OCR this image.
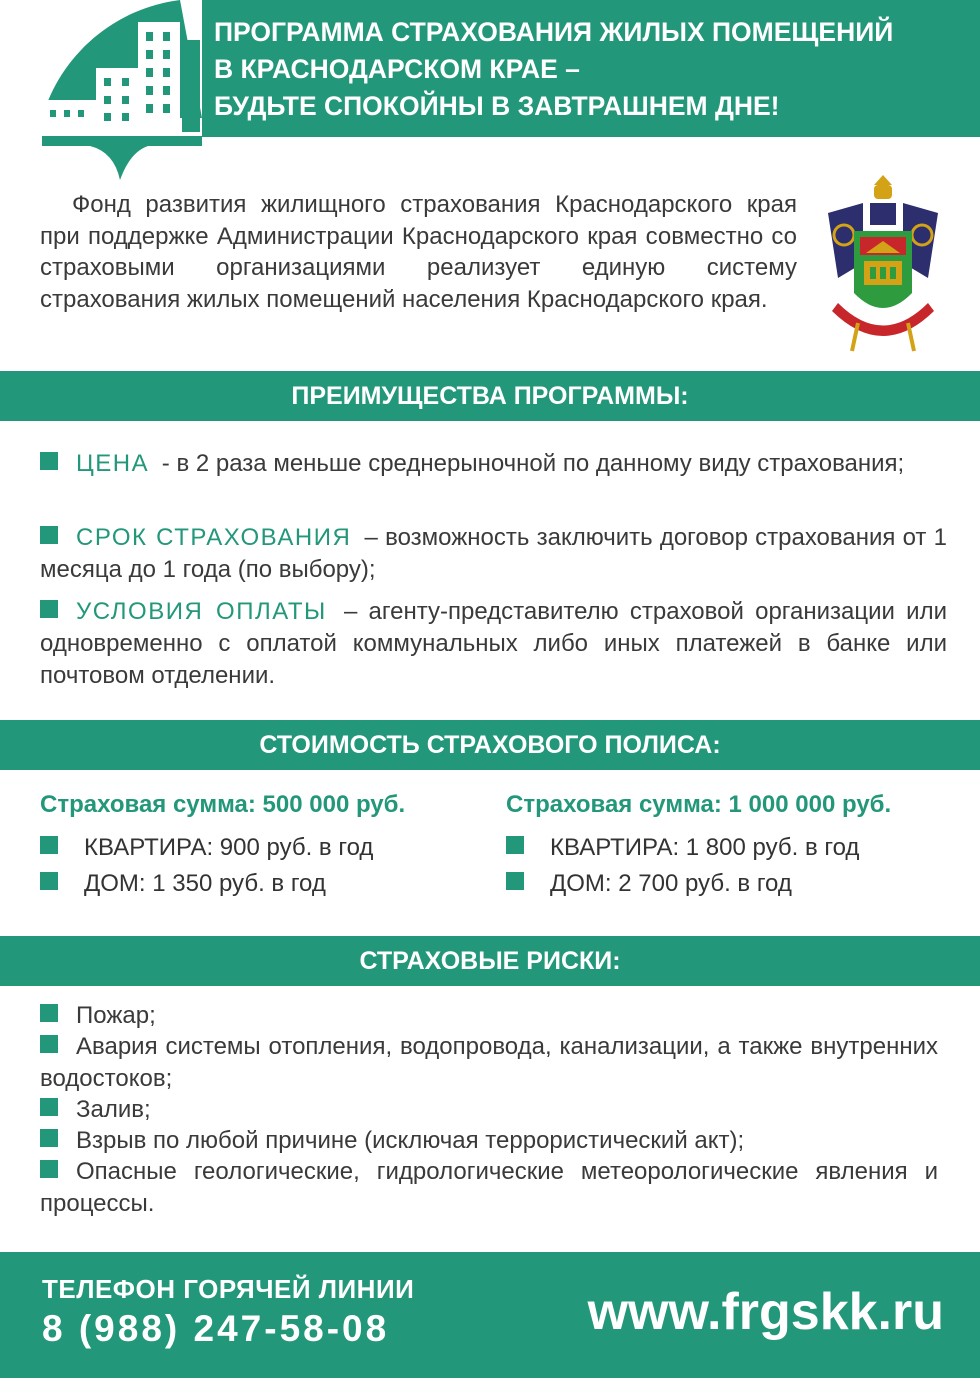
ПРОГРАММА СТРАХОВАНИЯ ЖИЛЫХ ПОМЕЩЕНИЙ
В КРАСНОДАРСКОМ КРАЕ –
БУДЬТЕ СПОКОЙНЫ В ЗАВТРАШНЕМ ДНЕ!
Фонд развития жилищного страхования Краснодарского края при поддержке Администрации Краснодарского края совместно со страховыми организациями реализует единую систему страхования жилых помещений населения Краснодарского края.
ПРЕИМУЩЕСТВА ПРОГРАММЫ:
ЦЕНА - в 2 раза меньше среднерыночной по данному виду страхования;
СРОК СТРАХОВАНИЯ – возможность заключить договор страхования от 1 месяца до 1 года (по выбору);
УСЛОВИЯ ОПЛАТЫ – агенту-представителю страховой организации или одновременно с оплатой коммунальных либо иных платежей в банке или почтовом отделении.
СТОИМОСТЬ СТРАХОВОГО ПОЛИСА:
Страховая сумма: 500 000 руб.
КВАРТИРА: 900 руб. в год
ДОМ: 1 350 руб. в год
Страховая сумма: 1 000 000 руб.
КВАРТИРА: 1 800 руб. в год
ДОМ: 2 700 руб. в год
СТРАХОВЫЕ РИСКИ:
Пожар;
Авария системы отопления, водопровода, канализации, а также внутренних водостоков;
Залив;
Взрыв по любой причине (исключая террористический акт);
Опасные геологические, гидрологические метеорологические явления и процессы.
ТЕЛЕФОН ГОРЯЧЕЙ ЛИНИИ
8 (988) 247-58-08	www.frgskk.ru
